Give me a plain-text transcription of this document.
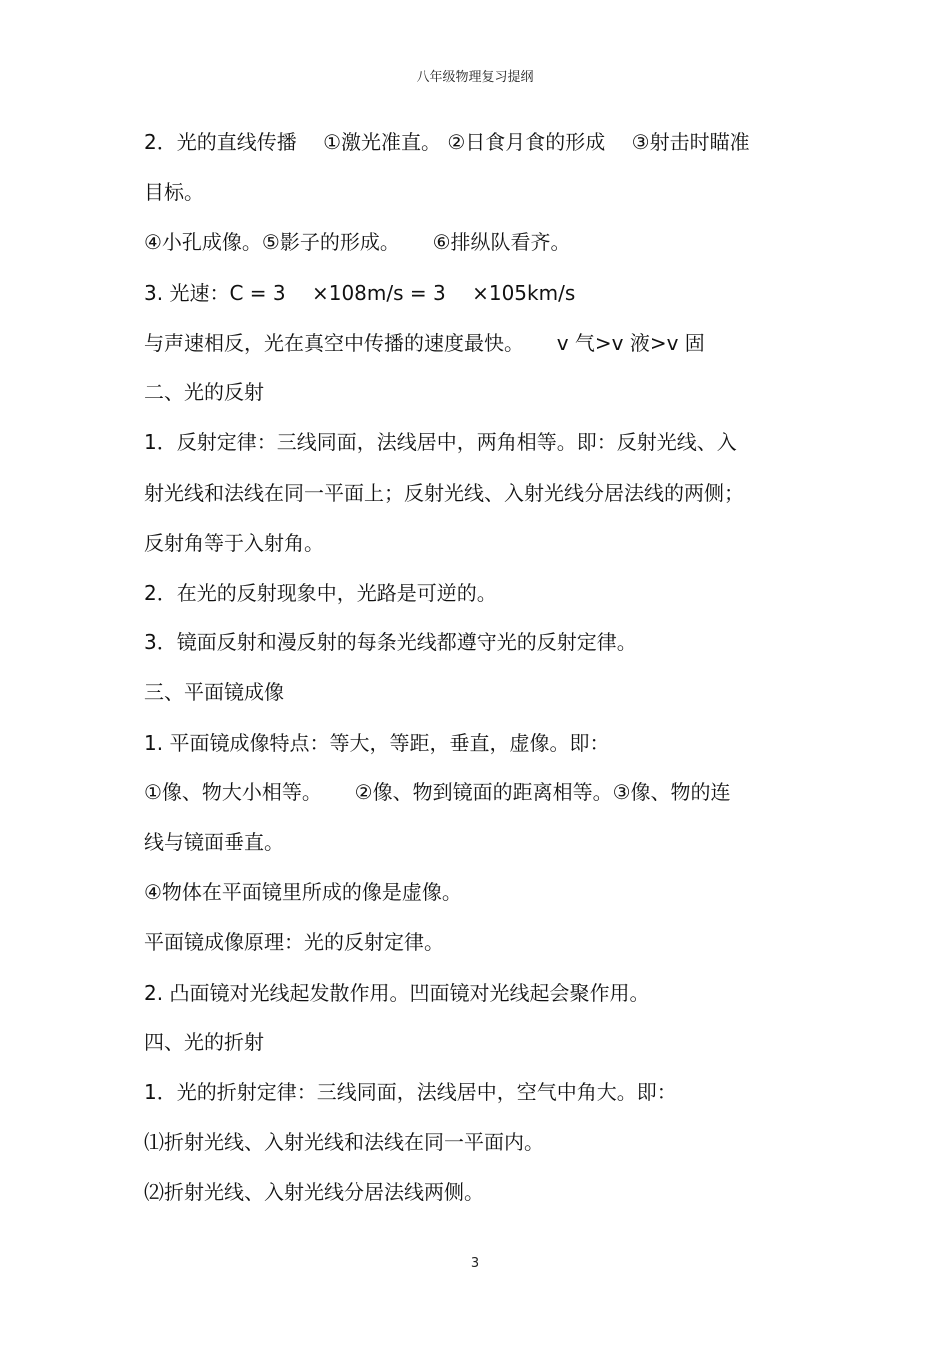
八年级物理复习提纲
2．光的直线传播 　①激光准直。 ②日食月食的形成 　③射击时瞄准
目标。
④小孔成像。⑤影子的形成。 　 ⑥排纵队看齐。
3. 光速：C = 3 　×108m/s = 3 　×105km/s
与声速相反，光在真空中传播的速度最快。 　 v 气>v 液>v 固
二、光的反射
1．反射定律：三线同面，法线居中，两角相等。即：反射光线、入
射光线和法线在同一平面上；反射光线、入射光线分居法线的两侧；
反射角等于入射角。
2．在光的反射现象中，光路是可逆的。
3．镜面反射和漫反射的每条光线都遵守光的反射定律。
三、平面镜成像
1. 平面镜成像特点：等大，等距，垂直，虚像。即：
①像、物大小相等。 　 ②像、物到镜面的距离相等。③像、物的连
线与镜面垂直。
④物体在平面镜里所成的像是虚像。
平面镜成像原理：光的反射定律。
2. 凸面镜对光线起发散作用。凹面镜对光线起会聚作用。
四、光的折射
1．光的折射定律：三线同面，法线居中，空气中角大。即：
⑴折射光线、入射光线和法线在同一平面内。
⑵折射光线、入射光线分居法线两侧。
3
